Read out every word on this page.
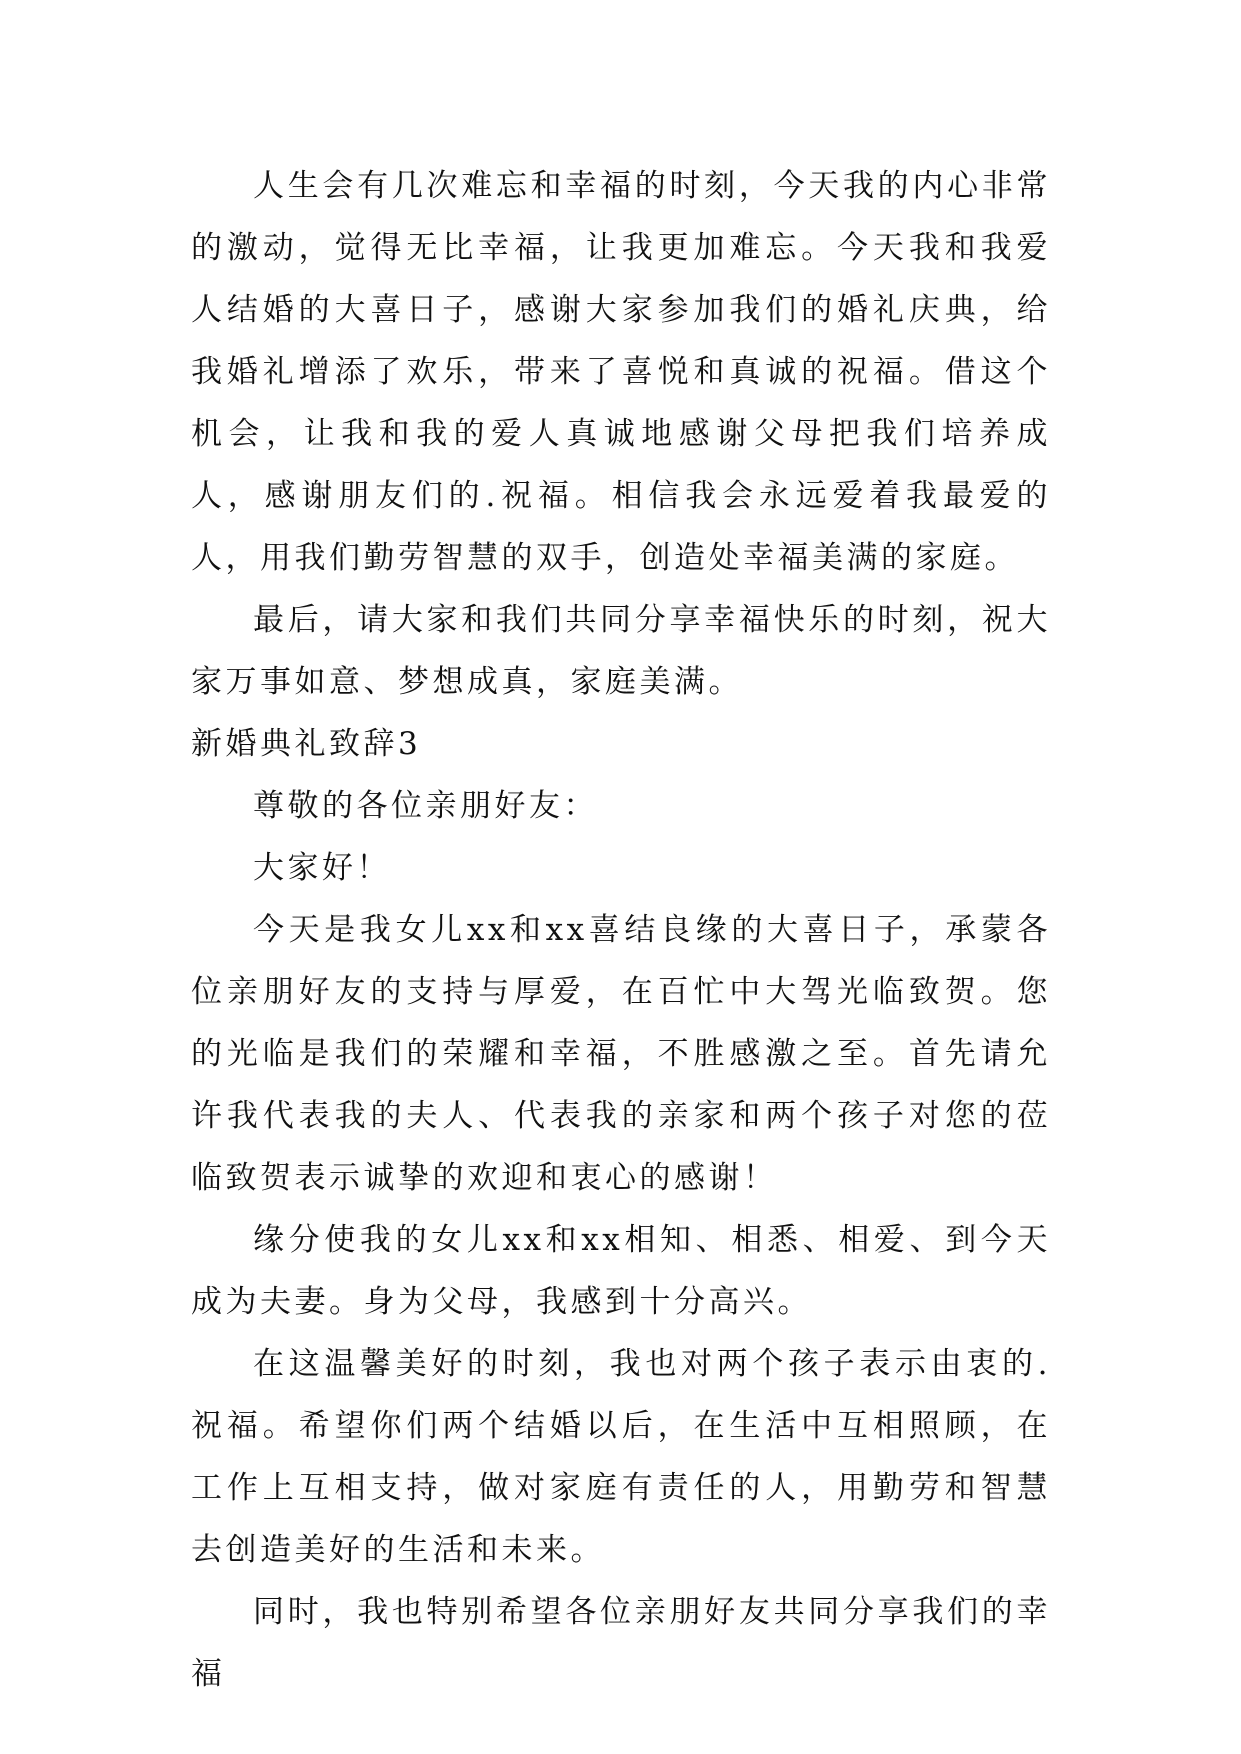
人生会有几次难忘和幸福的时刻，今天我的内心非常的激动，觉得无比幸福，让我更加难忘。今天我和我爱人结婚的大喜日子，感谢大家参加我们的婚礼庆典，给我婚礼增添了欢乐，带来了喜悦和真诚的祝福。借这个机会，让我和我的爱人真诚地感谢父母把我们培养成人，感谢朋友们的.祝福。相信我会永远爱着我最爱的人，用我们勤劳智慧的双手，创造处幸福美满的家庭。

最后，请大家和我们共同分享幸福快乐的时刻，祝大家万事如意、梦想成真，家庭美满。

新婚典礼致辞3

尊敬的各位亲朋好友：

大家好！

今天是我女儿xx和xx喜结良缘的大喜日子，承蒙各位亲朋好友的支持与厚爱，在百忙中大驾光临致贺。您的光临是我们的荣耀和幸福，不胜感激之至。首先请允许我代表我的夫人、代表我的亲家和两个孩子对您的莅临致贺表示诚挚的欢迎和衷心的感谢！

缘分使我的女儿xx和xx相知、相悉、相爱、到今天成为夫妻。身为父母，我感到十分高兴。

在这温馨美好的时刻，我也对两个孩子表示由衷的.祝福。希望你们两个结婚以后，在生活中互相照顾，在工作上互相支持，做对家庭有责任的人，用勤劳和智慧去创造美好的生活和未来。

同时，我也特别希望各位亲朋好友共同分享我们的幸福
